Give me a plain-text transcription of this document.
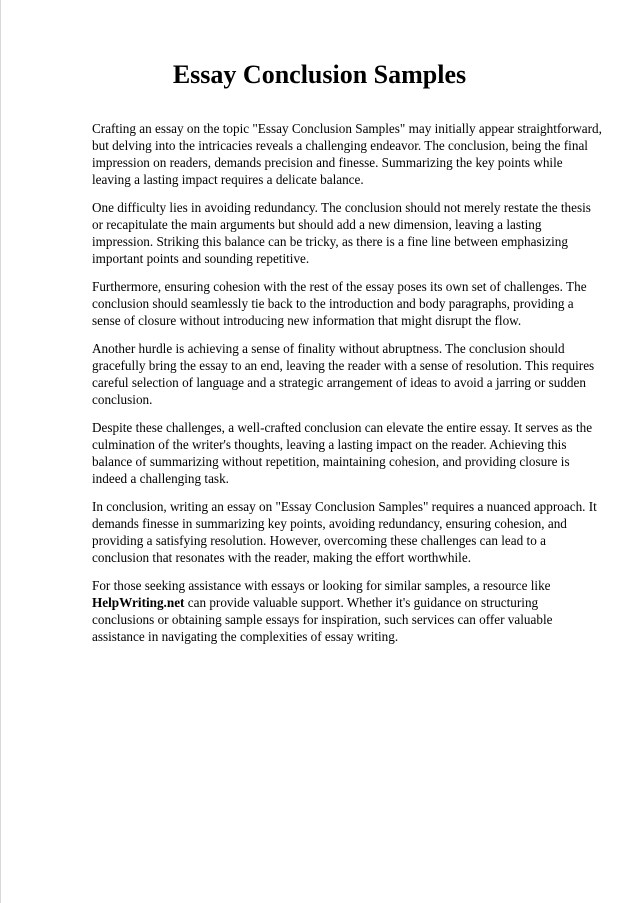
Essay Conclusion Samples

Crafting an essay on the topic "Essay Conclusion Samples" may initially appear straightforward, but delving into the intricacies reveals a challenging endeavor. The conclusion, being the final impression on readers, demands precision and finesse. Summarizing the key points while leaving a lasting impact requires a delicate balance.

One difficulty lies in avoiding redundancy. The conclusion should not merely restate the thesis or recapitulate the main arguments but should add a new dimension, leaving a lasting impression. Striking this balance can be tricky, as there is a fine line between emphasizing important points and sounding repetitive.

Furthermore, ensuring cohesion with the rest of the essay poses its own set of challenges. The conclusion should seamlessly tie back to the introduction and body paragraphs, providing a sense of closure without introducing new information that might disrupt the flow.

Another hurdle is achieving a sense of finality without abruptness. The conclusion should gracefully bring the essay to an end, leaving the reader with a sense of resolution. This requires careful selection of language and a strategic arrangement of ideas to avoid a jarring or sudden conclusion.

Despite these challenges, a well-crafted conclusion can elevate the entire essay. It serves as the culmination of the writer's thoughts, leaving a lasting impact on the reader. Achieving this balance of summarizing without repetition, maintaining cohesion, and providing closure is indeed a challenging task.

In conclusion, writing an essay on "Essay Conclusion Samples" requires a nuanced approach. It demands finesse in summarizing key points, avoiding redundancy, ensuring cohesion, and providing a satisfying resolution. However, overcoming these challenges can lead to a conclusion that resonates with the reader, making the effort worthwhile.

For those seeking assistance with essays or looking for similar samples, a resource like HelpWriting.net can provide valuable support. Whether it's guidance on structuring conclusions or obtaining sample essays for inspiration, such services can offer valuable assistance in navigating the complexities of essay writing.
